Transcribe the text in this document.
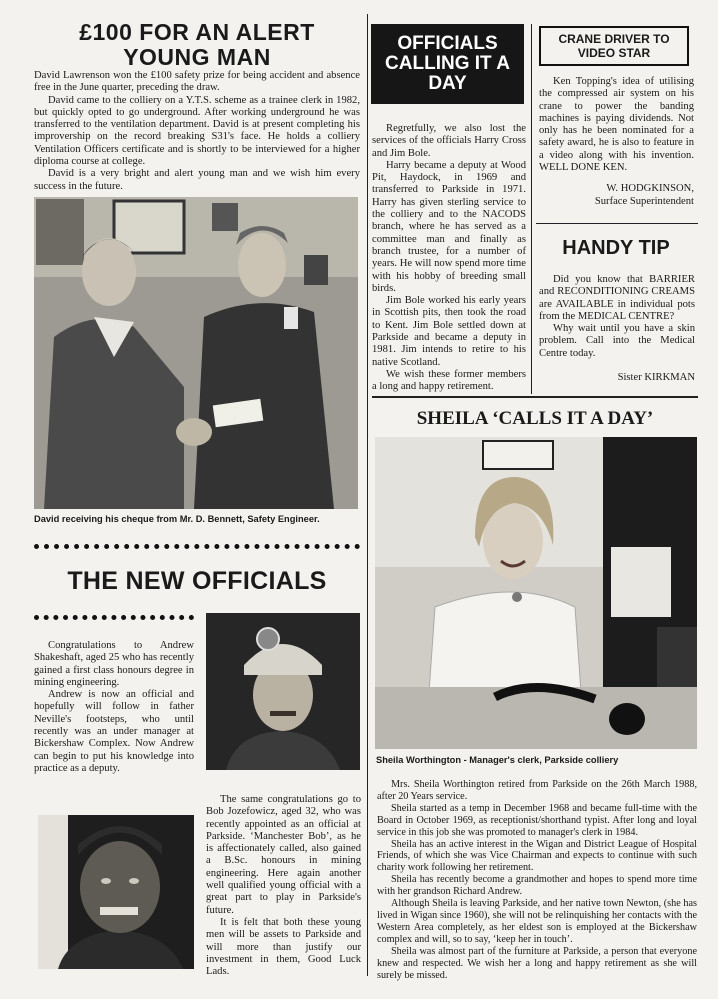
£100 FOR AN ALERT YOUNG MAN

David Lawrenson won the £100 safety prize for being accident and absence free in the June quarter, preceding the draw.

David came to the colliery on a Y.T.S. scheme as a trainee clerk in 1982, but quickly opted to go underground. After working underground he was transferred to the ventilation department. David is at present completing his improvership on the record breaking S31's face. He holds a colliery Ventilation Officers certificate and is shortly to be interviewed for a higher diploma course at college.

David is a very bright and alert young man and we wish him every success in the future.

David receiving his cheque from Mr. D. Bennett, Safety Engineer.
THE NEW OFFICIALS

Congratulations to Andrew Shakeshaft, aged 25 who has recently gained a first class honours degree in mining engineering.

Andrew is now an official and hopefully will follow in father Neville's footsteps, who until recently was an under manager at Bickershaw Complex. Now Andrew can begin to put his knowledge into practice as a deputy.

The same congratulations go to Bob Jozefowicz, aged 32, who was recently appointed as an official at Parkside. ‘Manchester Bob’, as he is affectionately called, also gained a B.Sc. honours in mining engineering. Here again another well qualified young official with a great part to play in Parkside's future.

It is felt that both these young men will be assets to Parkside and will more than justify our investment in them, Good Luck Lads.

OFFICIALS CALLING IT A DAY

Regretfully, we also lost the services of the officials Harry Cross and Jim Bole.

Harry became a deputy at Wood Pit, Haydock, in 1969 and transferred to Parkside in 1971. Harry has given sterling service to the colliery and to the NACODS branch, where he has served as a committee man and finally as branch trustee, for a number of years. He will now spend more time with his hobby of breeding small birds.

Jim Bole worked his early years in Scottish pits, then took the road to Kent. Jim Bole settled down at Parkside and became a deputy in 1981. Jim intends to retire to his native Scotland.

We wish these former members a long and happy retirement.

CRANE DRIVER TO VIDEO STAR

Ken Topping's idea of utilising the compressed air system on his crane to power the banding machines is paying dividends. Not only has he been nominated for a safety award, he is also to feature in a video along with his invention. WELL DONE KEN.

W. HODGKINSON,
Surface Superintendent
HANDY TIP

Did you know that BARRIER and RECONDITIONING CREAMS are AVAILABLE in individual pots from the MEDICAL CENTRE?

Why wait until you have a skin problem. Call into the Medical Centre today.

Sister KIRKMAN
SHEILA ‘CALLS IT A DAY’
Sheila Worthington - Manager's clerk, Parkside colliery

Mrs. Sheila Worthington retired from Parkside on the 26th March 1988, after 20 Years service.

Sheila started as a temp in December 1968 and became full-time with the Board in October 1969, as receptionist/shorthand typist. After long and loyal service in this job she was promoted to manager's clerk in 1984.

Sheila has an active interest in the Wigan and District League of Hospital Friends, of which she was Vice Chairman and expects to continue with such charity work following her retirement.

Sheila has recently become a grandmother and hopes to spend more time with her grandson Richard Andrew.

Although Sheila is leaving Parkside, and her native town Newton, (she has lived in Wigan since 1960), she will not be relinquishing her contacts with the Western Area completely, as her eldest son is employed at the Bickershaw complex and will, so to say, ‘keep her in touch’.

Sheila was almost part of the furniture at Parkside, a person that everyone knew and respected. We wish her a long and happy retirement as she will surely be missed.
